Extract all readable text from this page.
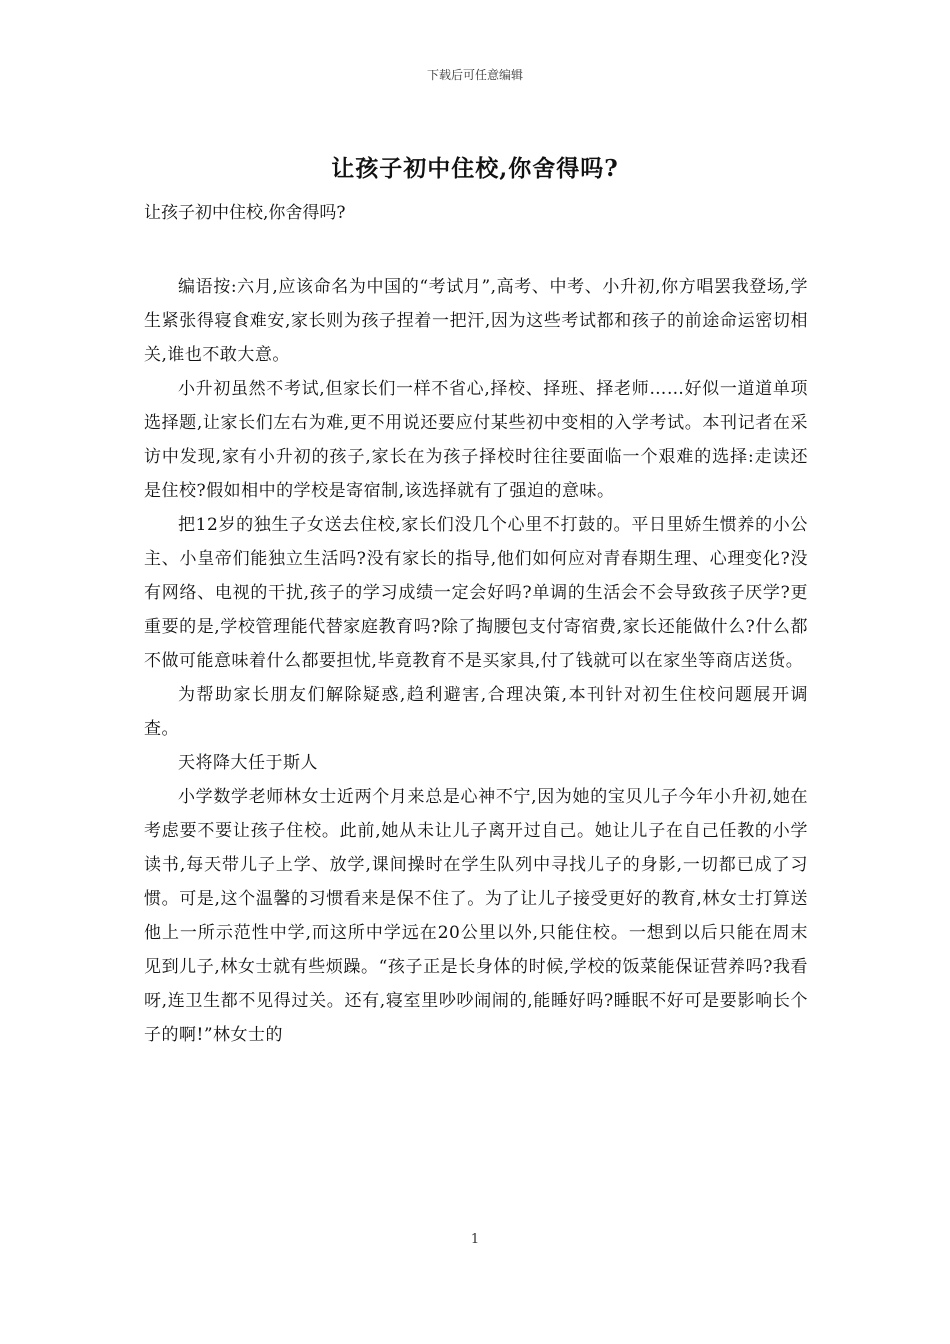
下载后可任意编辑
让孩子初中住校,你舍得吗?
让孩子初中住校,你舍得吗?

编语按:六月,应该命名为中国的“考试月”,高考、中考、小升初,你方唱罢我登场,学生紧张得寝食难安,家长则为孩子捏着一把汗,因为这些考试都和孩子的前途命运密切相关,谁也不敢大意。

小升初虽然不考试,但家长们一样不省心,择校、择班、择老师……好似一道道单项选择题,让家长们左右为难,更不用说还要应付某些初中变相的入学考试。本刊记者在采访中发现,家有小升初的孩子,家长在为孩子择校时往往要面临一个艰难的选择:走读还是住校?假如相中的学校是寄宿制,该选择就有了强迫的意味。

把12岁的独生子女送去住校,家长们没几个心里不打鼓的。平日里娇生惯养的小公主、小皇帝们能独立生活吗?没有家长的指导,他们如何应对青春期生理、心理变化?没有网络、电视的干扰,孩子的学习成绩一定会好吗?单调的生活会不会导致孩子厌学?更重要的是,学校管理能代替家庭教育吗?除了掏腰包支付寄宿费,家长还能做什么?什么都不做可能意味着什么都要担忧,毕竟教育不是买家具,付了钱就可以在家坐等商店送货。

为帮助家长朋友们解除疑惑,趋利避害,合理决策,本刊针对初生住校问题展开调查。

天将降大任于斯人

小学数学老师林女士近两个月来总是心神不宁,因为她的宝贝儿子今年小升初,她在考虑要不要让孩子住校。此前,她从未让儿子离开过自己。她让儿子在自己任教的小学读书,每天带儿子上学、放学,课间操时在学生队列中寻找儿子的身影,一切都已成了习惯。可是,这个温馨的习惯看来是保不住了。为了让儿子接受更好的教育,林女士打算送他上一所示范性中学,而这所中学远在20公里以外,只能住校。一想到以后只能在周末见到儿子,林女士就有些烦躁。“孩子正是长身体的时候,学校的饭菜能保证营养吗?我看呀,连卫生都不见得过关。还有,寝室里吵吵闹闹的,能睡好吗?睡眠不好可是要影响长个子的啊!”林女士的

1
